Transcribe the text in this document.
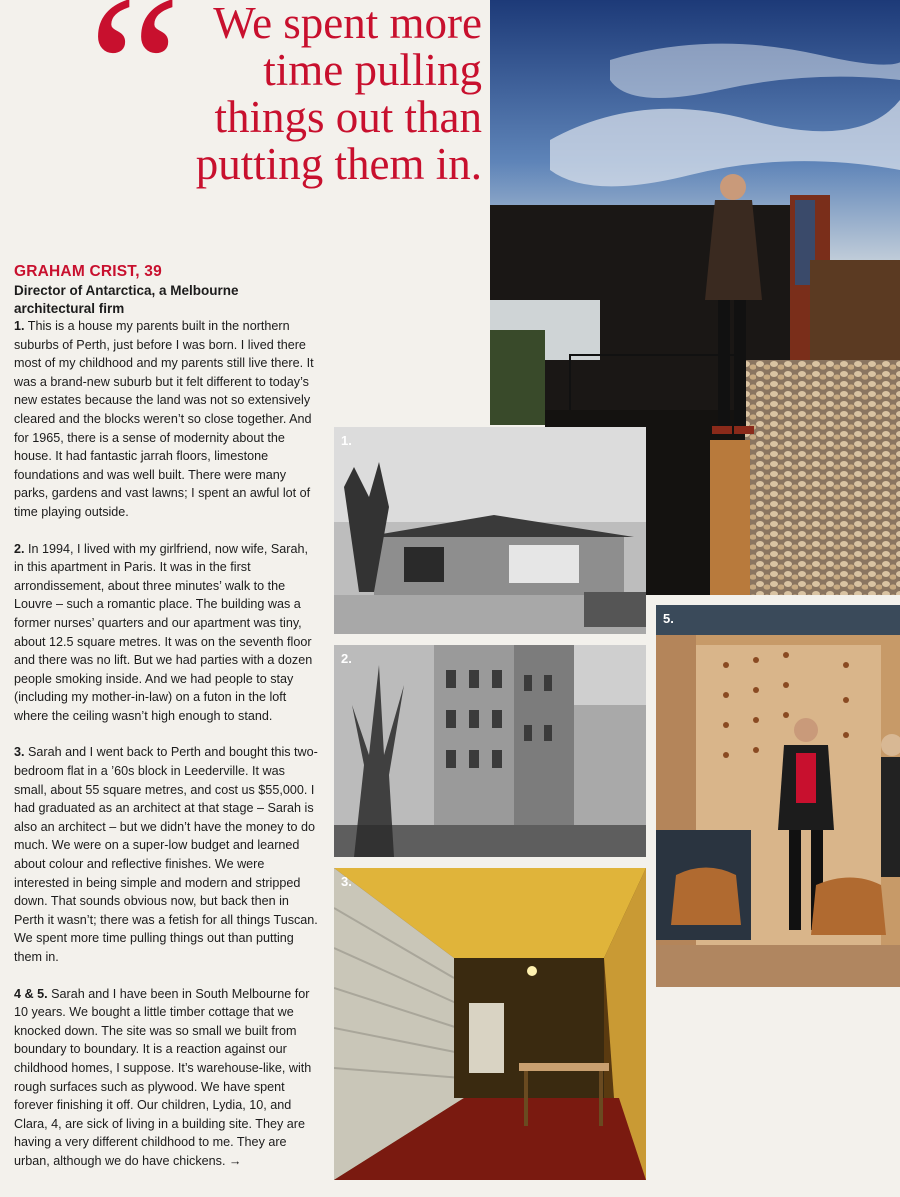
“ We spent more
time pulling
things out than
putting them in.
GRAHAM CRIST, 39
Director of Antarctica, a Melbourne
architectural firm

1. This is a house my parents built in the northern suburbs of Perth, just before I was born. I lived there most of my childhood and my parents still live there. It was a brand-new suburb but it felt different to today’s new estates because the land was not so extensively cleared and the blocks weren’t so close together. And for 1965, there is a sense of modernity about the house. It had fantastic jarrah floors, limestone foundations and was well built. There were many parks, gardens and vast lawns; I spent an awful lot of time playing outside.

2. In 1994, I lived with my girlfriend, now wife, Sarah, in this apartment in Paris. It was in the first arrondissement, about three minutes’ walk to the Louvre – such a romantic place. The building was a former nurses’ quarters and our apartment was tiny, about 12.5 square metres. It was on the seventh floor and there was no lift. But we had parties with a dozen people smoking inside. And we had people to stay (including my mother-in-law) on a futon in the loft where the ceiling wasn’t high enough to stand.

3. Sarah and I went back to Perth and bought this two-bedroom flat in a ’60s block in Leederville. It was small, about 55 square metres, and cost us $55,000. I had graduated as an architect at that stage – Sarah is also an architect – but we didn’t have the money to do much. We were on a super-low budget and learned about colour and reflective finishes. We were interested in being simple and modern and stripped down. That sounds obvious now, but back then in Perth it wasn’t; there was a fetish for all things Tuscan. We spent more time pulling things out than putting them in.

4 & 5. Sarah and I have been in South Melbourne for 10 years. We bought a little timber cottage that we knocked down. The site was so small we built from boundary to boundary. It is a reaction against our childhood homes, I suppose. It’s warehouse-like, with rough surfaces such as plywood. We have spent forever finishing it off. Our children, Lydia, 10, and Clara, 4, are sick of living in a building site. They are having a very different childhood to me. They are urban, although we do have chickens. →

1.
2.
3.
5.
